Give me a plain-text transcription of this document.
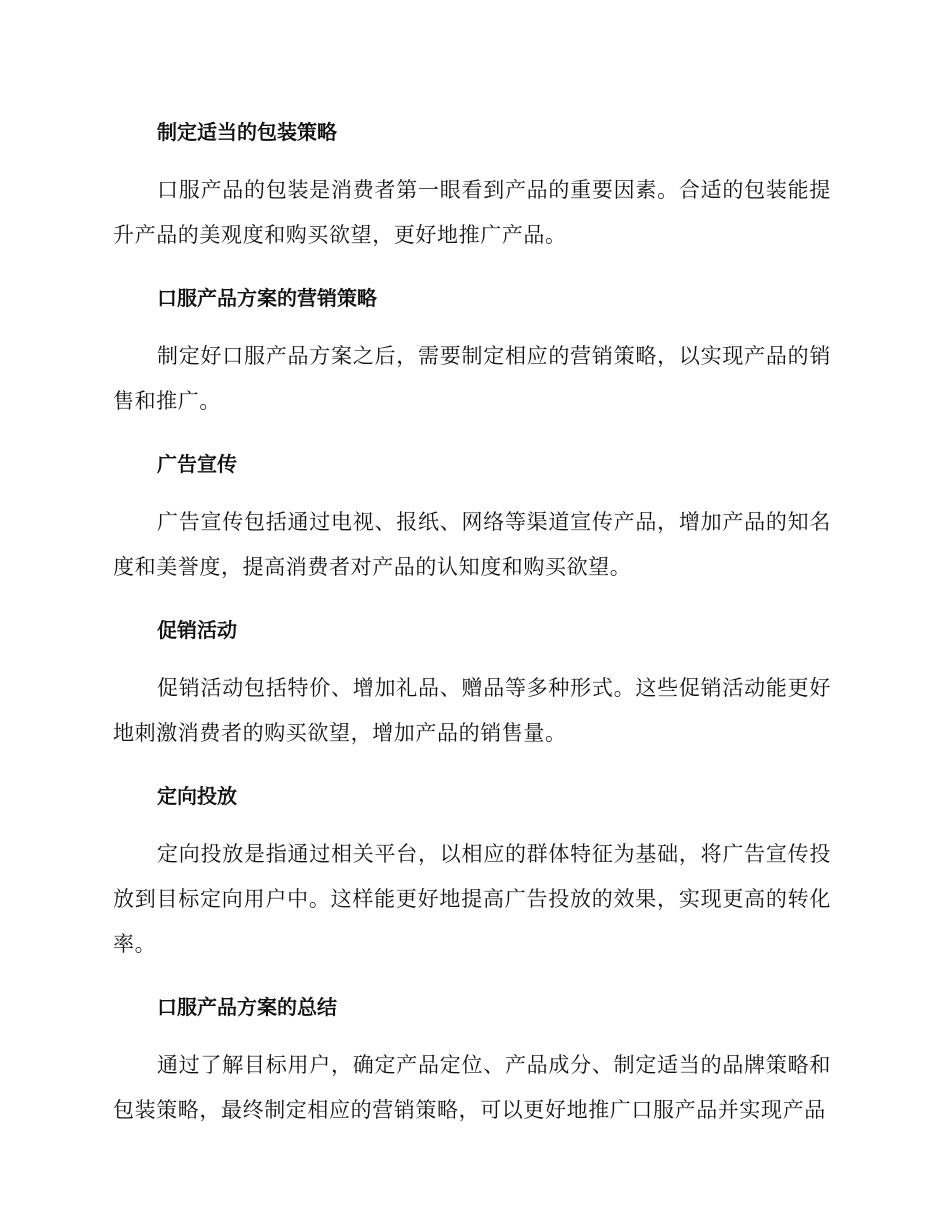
制定适当的包装策略

口服产品的包装是消费者第一眼看到产品的重要因素。合适的包装能提升产品的美观度和购买欲望，更好地推广产品。

口服产品方案的营销策略

制定好口服产品方案之后，需要制定相应的营销策略，以实现产品的销售和推广。

广告宣传

广告宣传包括通过电视、报纸、网络等渠道宣传产品，增加产品的知名度和美誉度，提高消费者对产品的认知度和购买欲望。

促销活动

促销活动包括特价、增加礼品、赠品等多种形式。这些促销活动能更好地刺激消费者的购买欲望，增加产品的销售量。

定向投放

定向投放是指通过相关平台，以相应的群体特征为基础，将广告宣传投放到目标定向用户中。这样能更好地提高广告投放的效果，实现更高的转化率。

口服产品方案的总结

通过了解目标用户，确定产品定位、产品成分、制定适当的品牌策略和包装策略，最终制定相应的营销策略，可以更好地推广口服产品并实现产品
